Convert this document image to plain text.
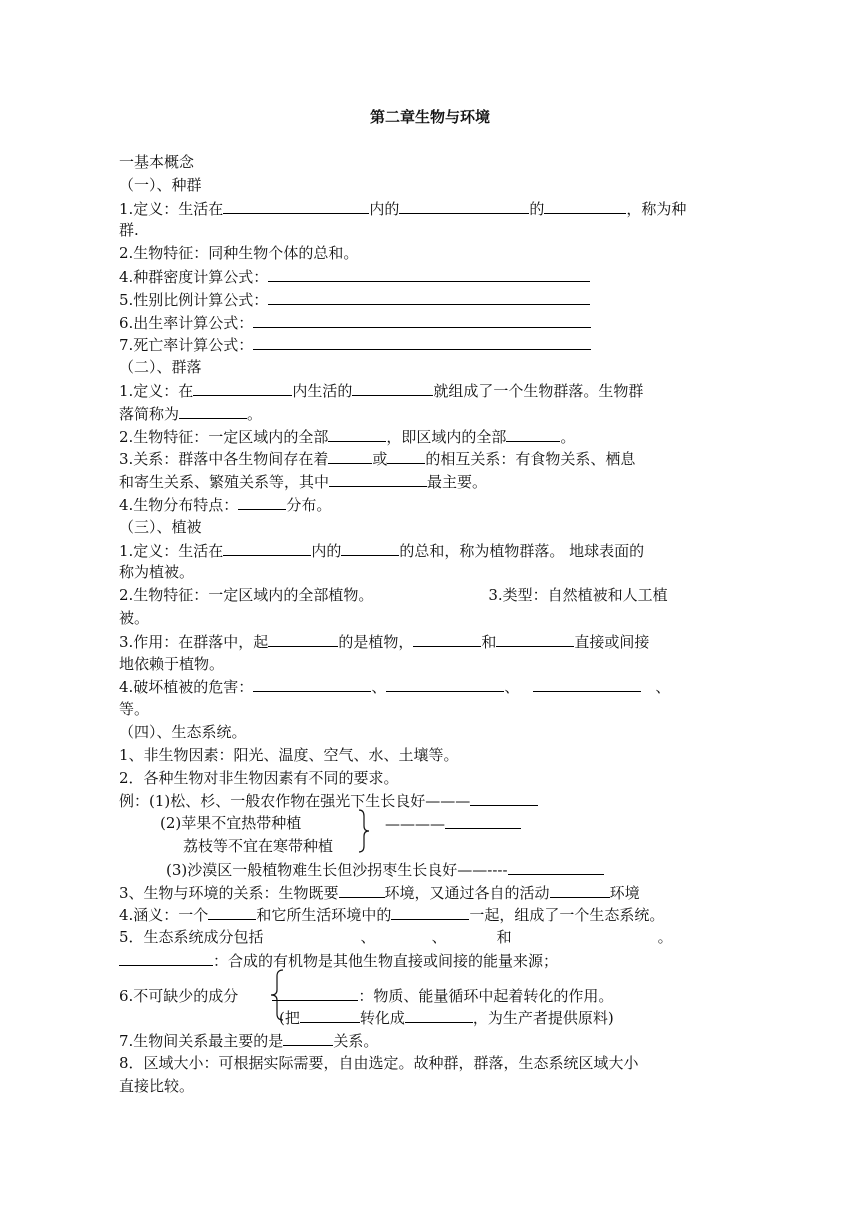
第二章生物与环境
一基本概念
（一）、种群
1.定义：生活在	内的	的	，称为种
群.
2.生物特征：同种生物个体的总和。
4.种群密度计算公式：
5.性别比例计算公式：
6.出生率计算公式：
7.死亡率计算公式：
（二）、群落
1.定义：在	内生活的	就组成了一个生物群落。生物群
落简称为	。
2.生物特征：一定区域内的全部	，即区域内的全部	。
3.关系：群落中各生物间存在着	或	的相互关系：有食物关系、栖息
和寄生关系、繁殖关系等，其中	最主要。
4.生物分布特点：	分布。
（三）、植被
1.定义：生活在	内的	的总和，称为植物群落。 地球表面的
称为植被。
2.生物特征：一定区域内的全部植物。	3.类型：自然植被和人工植
被。
3.作用：在群落中，起	的是植物，	和	直接或间接
地依赖于植物。
4.破坏植被的危害：	、	、	、
等。
（四）、生态系统。
1、非生物因素：阳光、温度、空气、水、土壤等。
2．各种生物对非生物因素有不同的要求。
例：(1)松、杉、一般农作物在强光下生长良好———
(2)苹果不宜热带种植	————
荔枝等不宜在寒带种植
(3)沙漠区一般植物难生长但沙拐枣生长良好——----
3、生物与环境的关系：生物既要	环境，又通过各自的活动	环境
4.涵义：一个	和它所生活环境中的	一起，组成了一个生态系统。
5．生态系统成分包括	、	、	和	。
：合成的有机物是其他生物直接或间接的能量来源；
6.不可缺少的成分	：物质、能量循环中起着转化的作用。
(把	转化成	，为生产者提供原料)
7.生物间关系最主要的是	关系。
8．区域大小：可根据实际需要，自由选定。故种群，群落，生态系统区域大小
直接比较。
